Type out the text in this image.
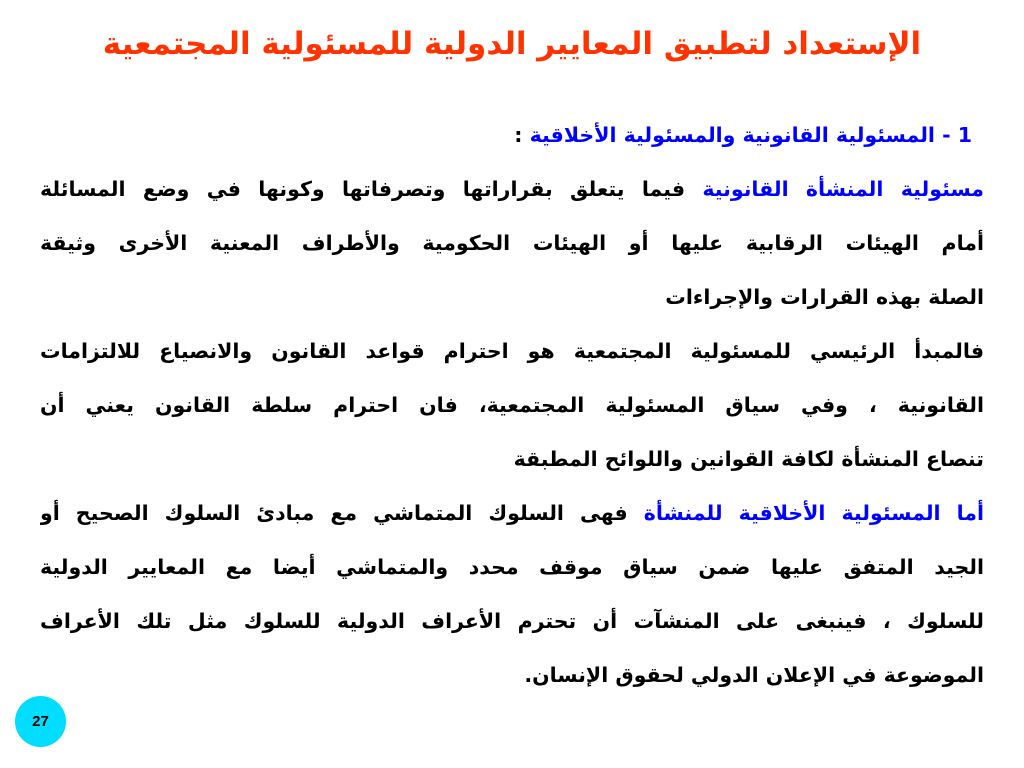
الإستعداد لتطبيق المعايير الدولية للمسئولية المجتمعية
1 - المسئولية القانونية والمسئولية الأخلاقية :
مسئولية المنشأة القانونية فيما يتعلق بقراراتها وتصرفاتها وكونها في وضع المسائلة
أمام الهيئات الرقابية عليها أو الهيئات الحكومية والأطراف المعنية الأخرى وثيقة
الصلة بهذه القرارات والإجراءات
فالمبدأ الرئيسي للمسئولية المجتمعية هو احترام قواعد القانون والانصياع للالتزامات
القانونية ، وفي سياق المسئولية المجتمعية، فان احترام سلطة القانون يعني أن
تنصاع المنشأة لكافة القوانين واللوائح المطبقة
أما المسئولية الأخلاقية للمنشأة فهى السلوك المتماشي مع مبادئ السلوك الصحيح أو
الجيد المتفق عليها ضمن سياق موقف محدد والمتماشي أيضا مع المعايير الدولية
للسلوك ، فينبغى على المنشآت أن تحترم الأعراف الدولية للسلوك مثل تلك الأعراف
الموضوعة في الإعلان الدولي لحقوق الإنسان.
27
